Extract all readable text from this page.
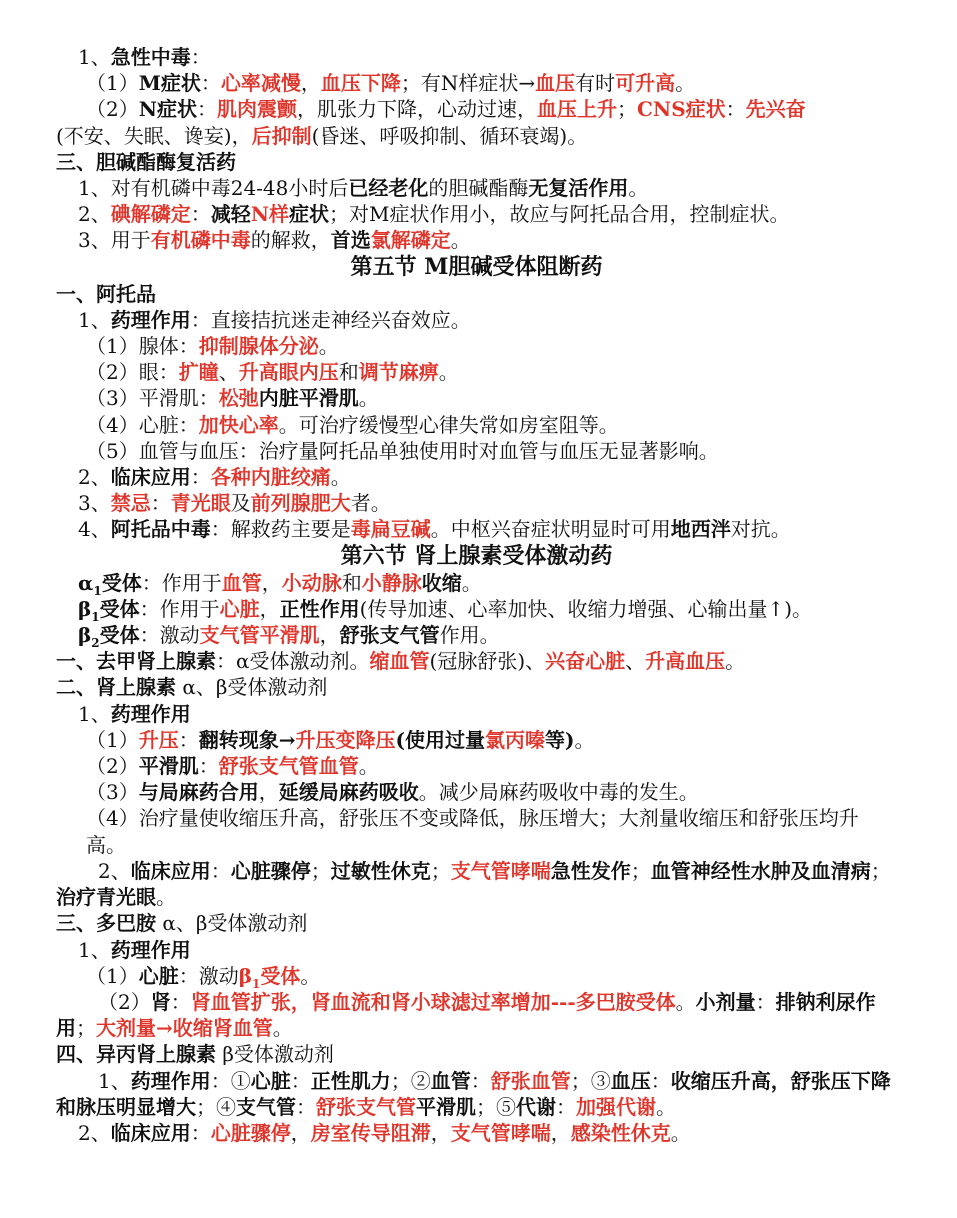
1、急性中毒：
（1）M症状：心率减慢，血压下降；有N样症状→血压有时可升高。
（2）N症状：肌肉震颤，肌张力下降，心动过速，血压上升；CNS症状：先兴奋
(不安、失眠、谗妄)，后抑制(昏迷、呼吸抑制、循环衰竭)。
三、胆碱酯酶复活药
1、对有机磷中毒24-48小时后已经老化的胆碱酯酶无复活作用。
2、碘解磷定：减轻N样症状；对M症状作用小，故应与阿托品合用，控制症状。
3、用于有机磷中毒的解救，首选氯解磷定。
第五节 M胆碱受体阻断药
一、阿托品
1、药理作用：直接拮抗迷走神经兴奋效应。
（1）腺体：抑制腺体分泌。
（2）眼：扩瞳、升高眼内压和调节麻痹。
（3）平滑肌：松弛内脏平滑肌。
（4）心脏：加快心率。可治疗缓慢型心律失常如房室阻等。
（5）血管与血压：治疗量阿托品单独使用时对血管与血压无显著影响。
2、临床应用：各种内脏绞痛。
3、禁忌：青光眼及前列腺肥大者。
4、阿托品中毒：解救药主要是毒扁豆碱。中枢兴奋症状明显时可用地西泮对抗。
第六节 肾上腺素受体激动药
$\alpha_1$受体：作用于血管，小动脉和小静脉收缩。
$\beta_1$受体：作用于心脏，正性作用(传导加速、心率加快、收缩力增强、心输出量↑)。
$\beta_2$受体：激动支气管平滑肌，舒张支气管作用。
一、去甲肾上腺素：α受体激动剂。缩血管(冠脉舒张)、兴奋心脏、升高血压。
二、肾上腺素 α、β受体激动剂
1、药理作用
（1）升压：翻转现象→升压变降压(使用过量氯丙嗪等)。
（2）平滑肌：舒张支气管血管。
（3）与局麻药合用，延缓局麻药吸收。减少局麻药吸收中毒的发生。
（4）治疗量使收缩压升高，舒张压不变或降低，脉压增大；大剂量收缩压和舒张压均升高。
2、临床应用：心脏骤停；过敏性休克；支气管哮喘急性发作；血管神经性水肿及血清病；治疗青光眼。
三、多巴胺 α、β受体激动剂
1、药理作用
（1）心脏：激动$\beta_1$受体。
（2）肾：肾血管扩张，肾血流和肾小球滤过率增加---多巴胺受体。小剂量：排钠利尿作用；大剂量→收缩肾血管。
四、异丙肾上腺素 β受体激动剂
1、药理作用：①心脏：正性肌力；②血管：舒张血管；③血压：收缩压升高，舒张压下降和脉压明显增大；④支气管：舒张支气管平滑肌；⑤代谢：加强代谢。
2、临床应用：心脏骤停，房室传导阻滞，支气管哮喘，感染性休克。
